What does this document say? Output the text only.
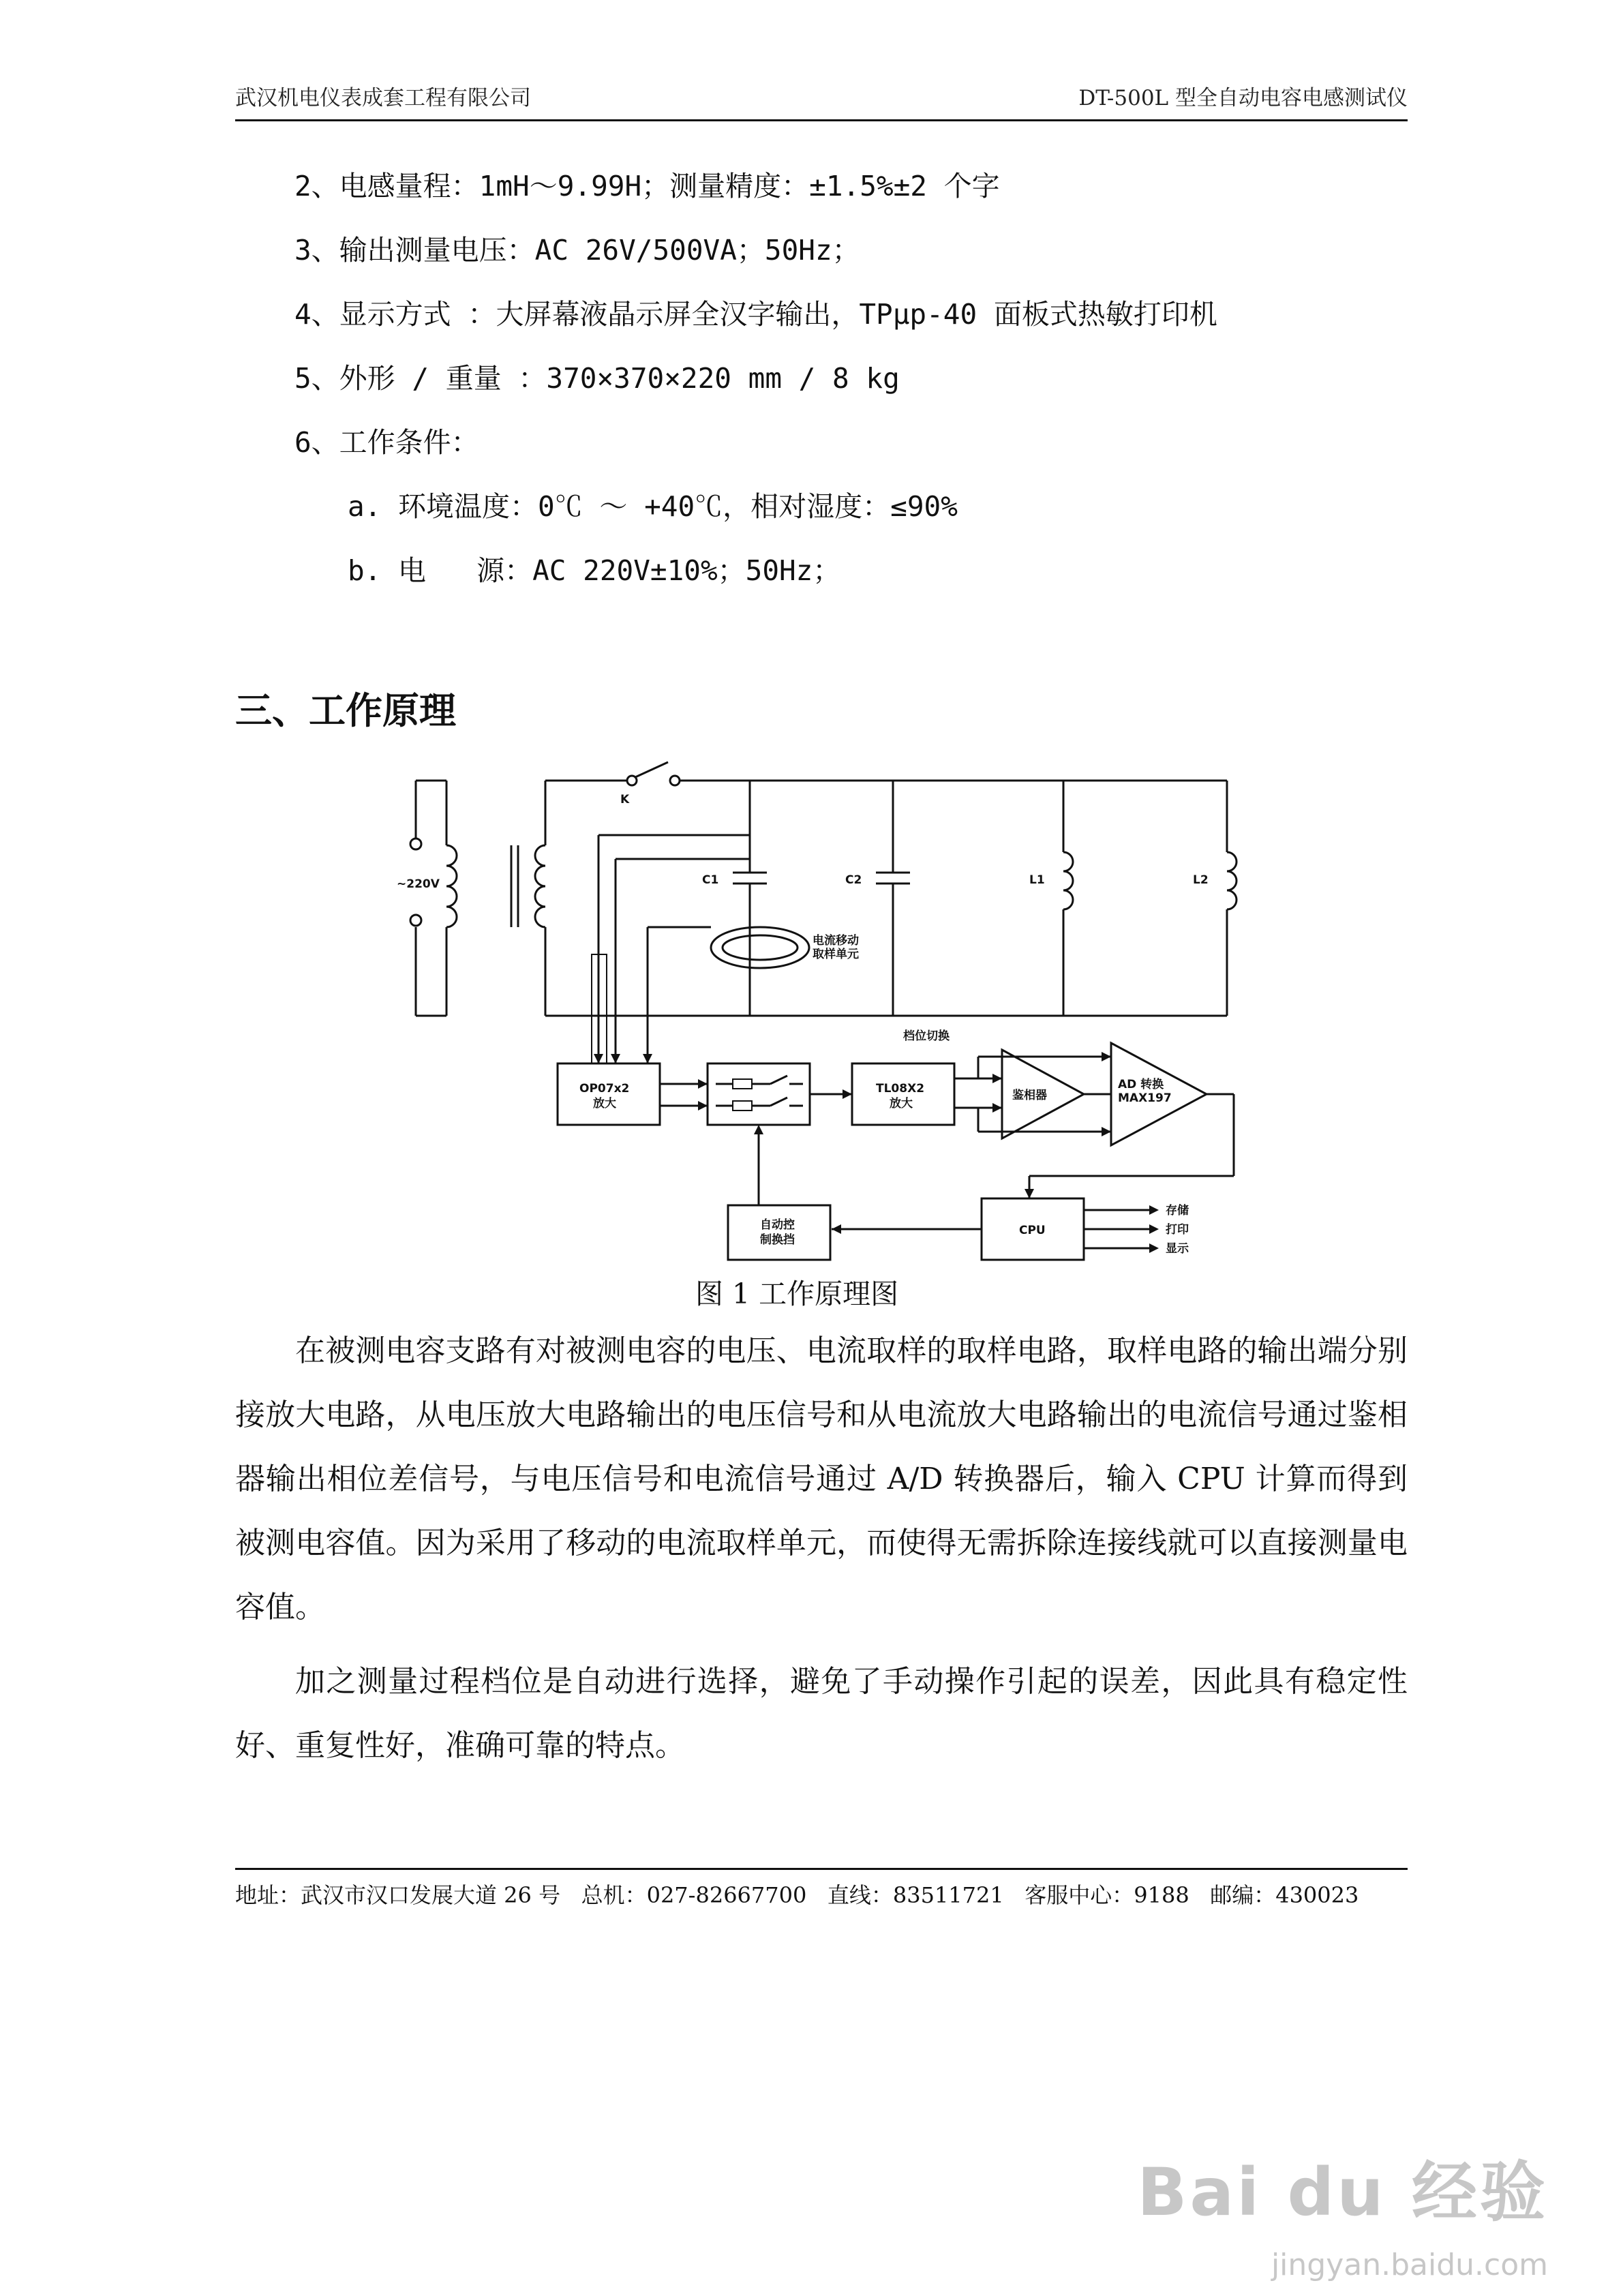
武汉机电仪表成套工程有限公司	DT-500L 型全自动电容电感测试仪
2、电感量程：1mH～9.99H；测量精度：±1.5%±2 个字
3、输出测量电压：AC 26V/500VA；50Hz；
4、显示方式 ：大屏幕液晶示屏全汉字输出，TPμp-40 面板式热敏打印机
5、外形 / 重量 ：370×370×220 mm / 8 kg
6、工作条件：
a. 环境温度：0℃ ～ +40℃，相对湿度：≤90%
b. 电   源：AC 220V±10%；50Hz；
三、工作原理
~220V
K
C1	C2	L1	L2
电流移动
取样单元
档位切换
OP07x2
放大
TL08X2
放大
鉴相器
AD 转换
MAX197
CPU
自动控
制换挡
存储
打印
显示
图 1 工作原理图
在被测电容支路有对被测电容的电压、电流取样的取样电路，取样电路的输出端分别接放大电路，从电压放大电路输出的电压信号和从电流放大电路输出的电流信号通过鉴相器输出相位差信号，与电压信号和电流信号通过 A/D 转换器后，输入 CPU 计算而得到被测电容值。因为采用了移动的电流取样单元，而使得无需拆除连接线就可以直接测量电容值。
加之测量过程档位是自动进行选择，避免了手动操作引起的误差，因此具有稳定性好、重复性好，准确可靠的特点。
地址：武汉市汉口发展大道 26 号   总机：027-82667700   直线：83511721   客服中心：9188   邮编：430023
Bai du 经验
jingyan.baidu.com
